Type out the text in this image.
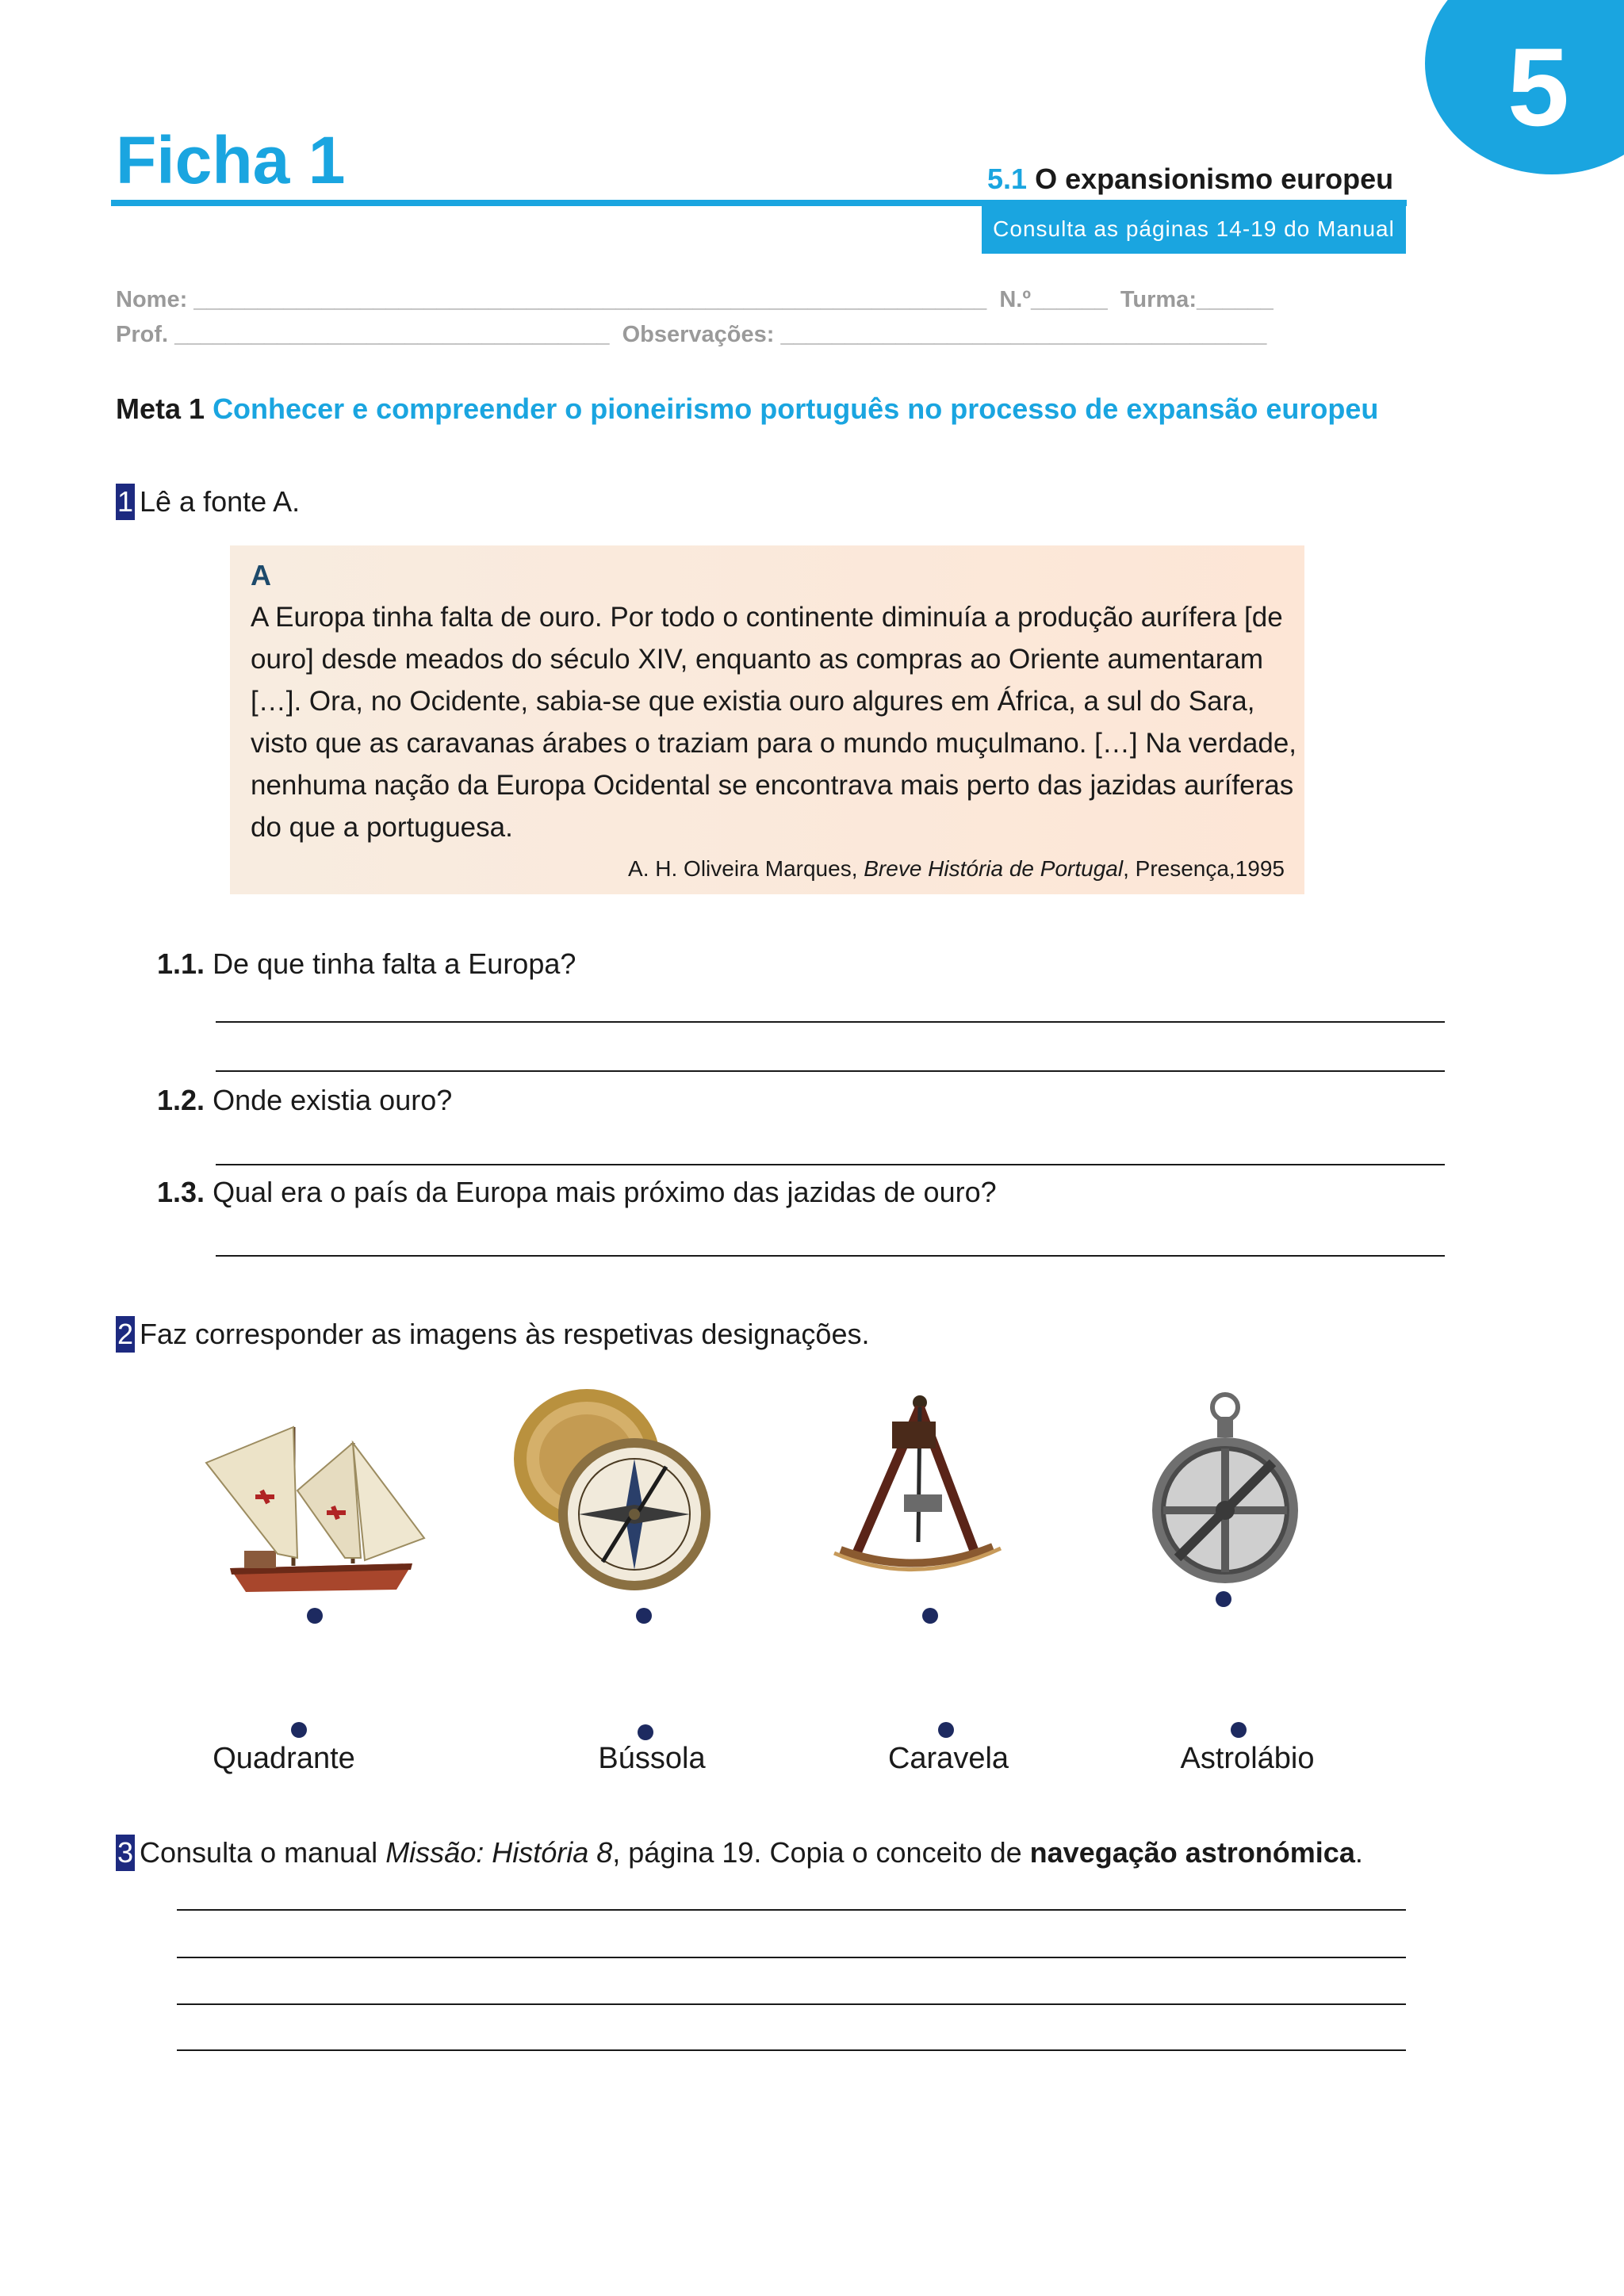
5
Ficha 1	5.1 O expansionismo europeu
Consulta as páginas 14-19 do Manual
Nome: ______________________________________________________________  N.º______  Turma:______
Prof. __________________________________  Observações: ______________________________________
Meta 1 Conhecer e compreender o pioneirismo português no processo de expansão europeu
1 Lê a fonte A.
A
A Europa tinha falta de ouro. Por todo o continente diminuía a produção aurífera [de ouro] desde meados do século XIV, enquanto as compras ao Oriente aumentaram […]. Ora, no Ocidente, sabia-se que existia ouro algures em África, a sul do Sara, visto que as caravanas árabes o traziam para o mundo muçulmano. […] Na verdade, nenhuma nação da Europa Ocidental se encontrava mais perto das jazidas auríferas do que a portuguesa.
A. H. Oliveira Marques, Breve História de Portugal, Presença,1995
1.1. De que tinha falta a Europa?
1.2. Onde existia ouro?
1.3. Qual era o país da Europa mais próximo das jazidas de ouro?
2 Faz corresponder as imagens às respetivas designações.
Quadrante	Bússola	Caravela	Astrolábio
3 Consulta o manual Missão: História 8, página 19. Copia o conceito de navegação astronómica.
